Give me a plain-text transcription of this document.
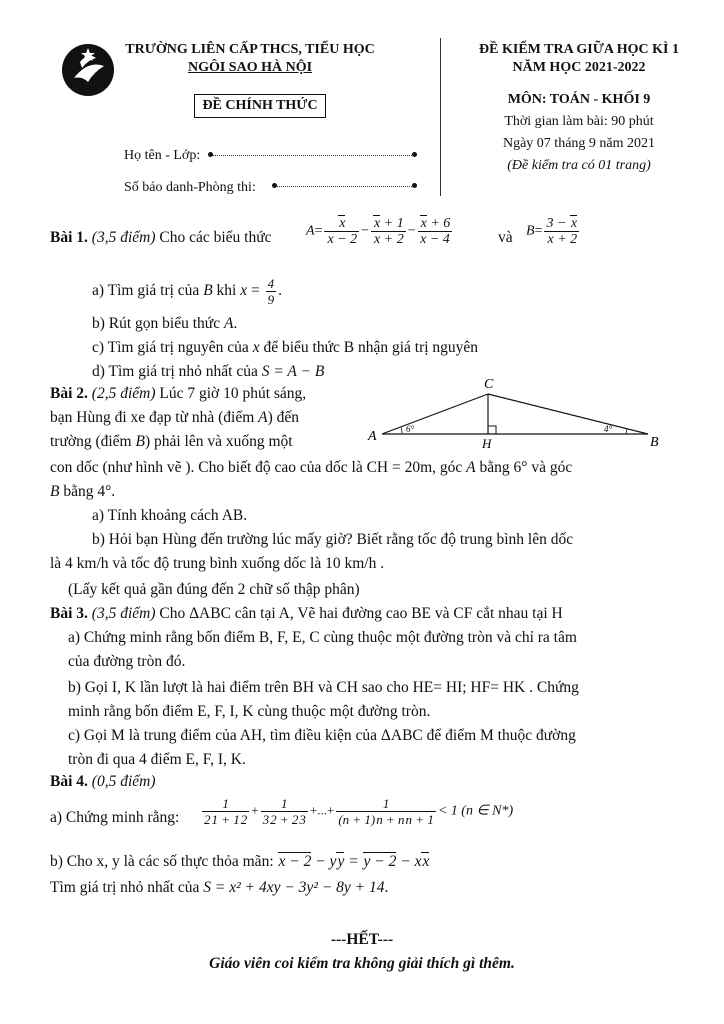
TRƯỜNG LIÊN CẤP THCS, TIỂU HỌC
NGÔI SAO HÀ NỘI
ĐỀ CHÍNH THỨC
Họ tên - Lớp:
Số báo danh-Phòng thi:
ĐỀ KIỂM TRA GIỮA HỌC KÌ 1
NĂM HỌC 2021-2022
MÔN: TOÁN - KHỐI 9
Thời gian làm bài: 90 phút
Ngày 07 tháng 9 năm 2021
(Đề kiểm tra có 01 trang)
Bài 1. (3,5 điểm) Cho các biểu thức $A= \frac{x}{x - 2} - \frac{x + 1}{x + 2} - \frac{x + 6}{x - 4}$	và $B= \frac{3 - x}{x + 2}$
a) Tìm giá trị của B khi $x = \frac{4}{9}$ .
b) Rút gọn biểu thức A.
c) Tìm giá trị nguyên của x để biểu thức B nhận giá trị nguyên
d) Tìm giá trị nhỏ nhất của S = A − B
Bài 2. (2,5 điểm) Lúc 7 giờ 10 phút sáng,
bạn Hùng đi xe đạp từ nhà (điểm A) đến
trường (điểm B) phải lên và xuống một
con dốc (như hình vẽ ). Cho biết độ cao của dốc là CH = 20m, góc A bằng 6° và góc
B bằng 4°.
A	B
C
H
6°	4°
a) Tính khoảng cách AB.
b) Hỏi bạn Hùng đến trường lúc mấy giờ? Biết rằng tốc độ trung bình lên dốc
là 4 km/h và tốc độ trung bình xuống dốc là 10 km/h .
(Lấy kết quả gần đúng đến 2 chữ số thập phân)
Bài 3. (3,5 điểm) Cho ΔABC cân tại A, Vẽ hai đường cao BE và CF cắt nhau tại H
a) Chứng minh rằng bốn điểm B, F, E, C cùng thuộc một đường tròn và chỉ ra tâm
của đường tròn đó.
b) Gọi I, K lần lượt là hai điểm trên BH và CH sao cho HE= HI; HF= HK . Chứng
minh rằng bốn điểm E, F, I, K cùng thuộc một đường tròn.
c) Gọi M là trung điểm của AH, tìm điều kiện của ΔABC để điểm M thuộc đường
tròn đi qua 4 điểm E, F, I, K.
Bài 4. (0,5 điểm)
a) Chứng minh rằng: $\frac{1}{21 + 12} + \frac{1}{32 + 23}$ +...+ $\frac{1}{(n + 1)n + nn + 1} < 1$ (n ∈ N*)
b) Cho x, y là các số thực thỏa mãn: x − 2 − yy = y − 2 − xx
Tìm giá trị nhỏ nhất của S = x² + 4xy − 3y² − 8y + 14.
---HẾT---
Giáo viên coi kiểm tra không giải thích gì thêm.
